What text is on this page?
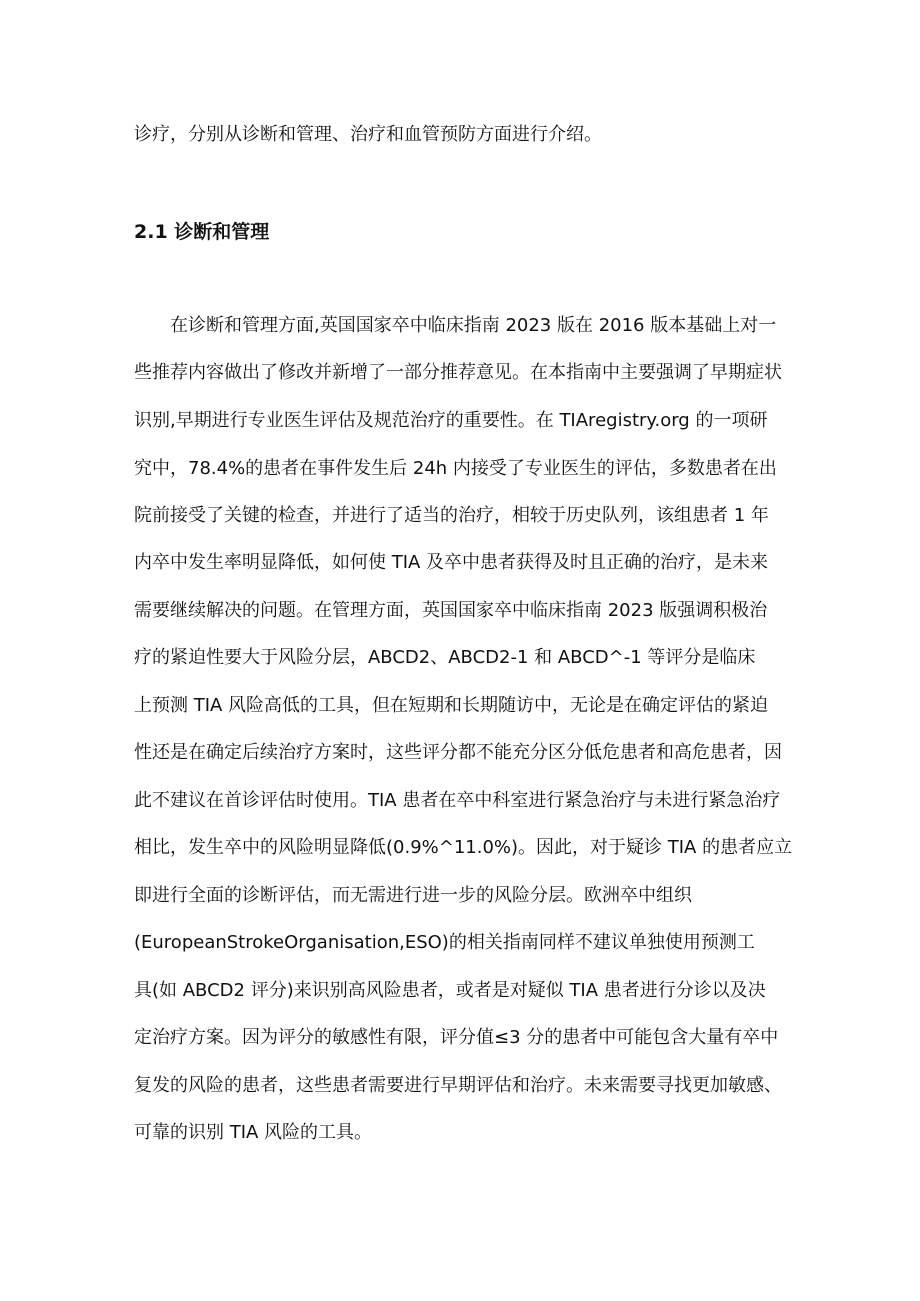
诊疗，分别从诊断和管理、治疗和血管预防方面进行介绍。
2.1 诊断和管理
在诊断和管理方面,英国国家卒中临床指南 2023 版在 2016 版本基础上对一
些推荐内容做出了修改并新增了一部分推荐意见。在本指南中主要强调了早期症状
识别,早期进行专业医生评估及规范治疗的重要性。在 TIAregistry.org 的一项研
究中，78.4%的患者在事件发生后 24h 内接受了专业医生的评估，多数患者在出
院前接受了关键的检查，并进行了适当的治疗，相较于历史队列，该组患者 1 年
内卒中发生率明显降低，如何使 TIA 及卒中患者获得及时且正确的治疗，是未来
需要继续解决的问题。在管理方面，英国国家卒中临床指南 2023 版强调积极治
疗的紧迫性要大于风险分层，ABCD2、ABCD2-1 和 ABCD^-1 等评分是临床
上预测 TIA 风险高低的工具，但在短期和长期随访中，无论是在确定评估的紧迫
性还是在确定后续治疗方案时，这些评分都不能充分区分低危患者和高危患者，因
此不建议在首诊评估时使用。TIA 患者在卒中科室进行紧急治疗与未进行紧急治疗
相比，发生卒中的风险明显降低(0.9%^11.0%)。因此，对于疑诊 TIA 的患者应立
即进行全面的诊断评估，而无需进行进一步的风险分层。欧洲卒中组织
(EuropeanStrokeOrganisation,ESO)的相关指南同样不建议单独使用预测工
具(如 ABCD2 评分)来识别高风险患者，或者是对疑似 TIA 患者进行分诊以及决
定治疗方案。因为评分的敏感性有限，评分值≤3 分的患者中可能包含大量有卒中
复发的风险的患者，这些患者需要进行早期评估和治疗。未来需要寻找更加敏感、
可靠的识别 TIA 风险的工具。
